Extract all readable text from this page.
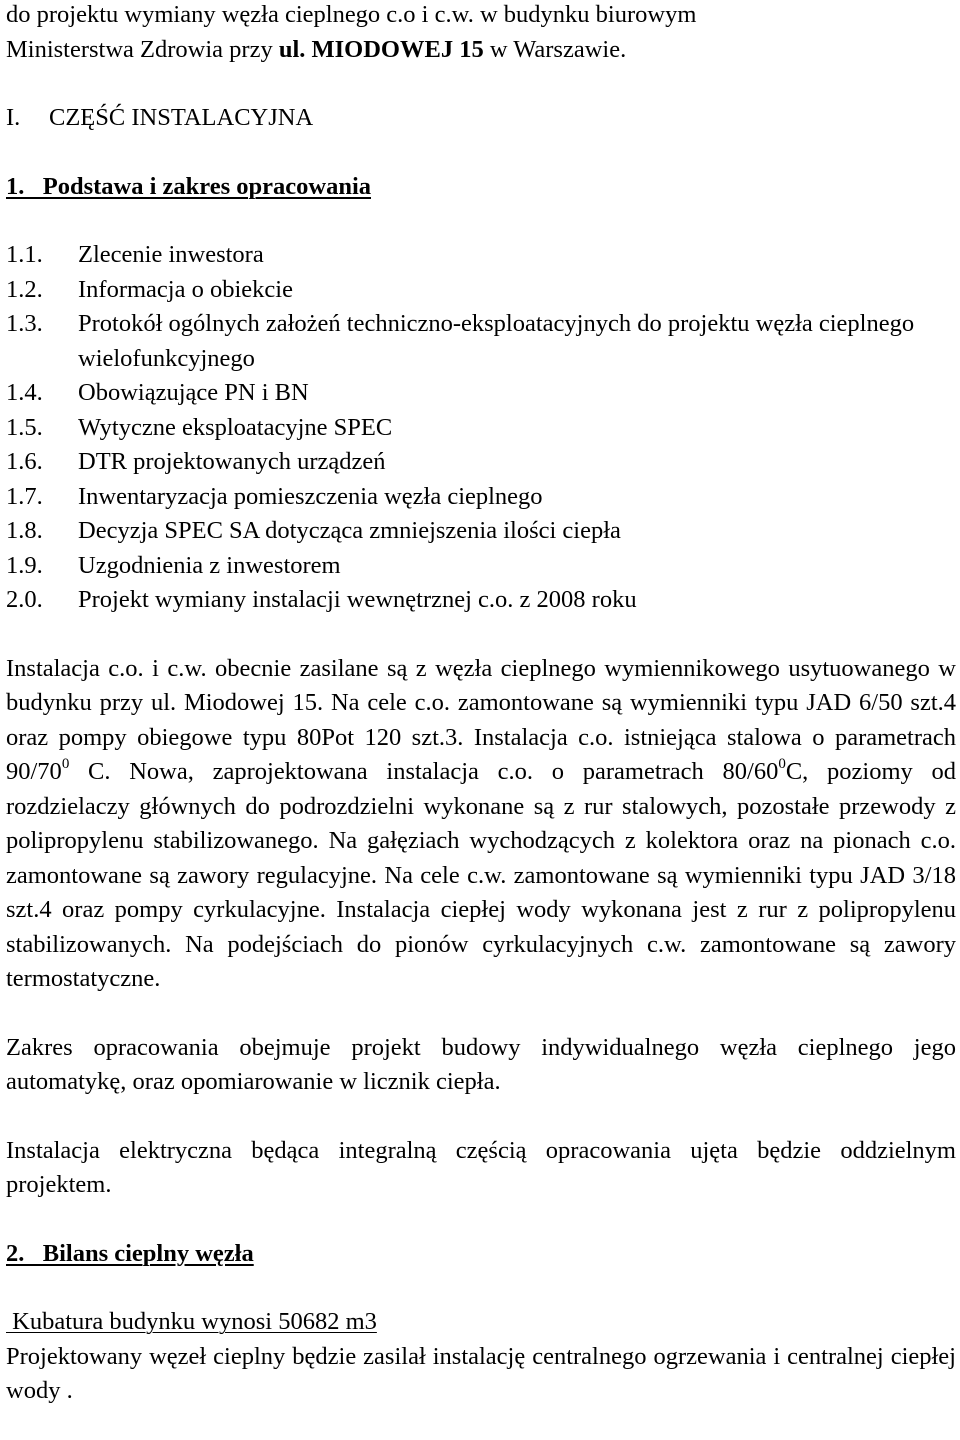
do projektu wymiany węzła cieplnego c.o i c.w. w budynku biurowym
Ministerstwa Zdrowia przy ul. MIODOWEJ 15 w Warszawie.
I.	CZĘŚĆ INSTALACYJNA
1.   Podstawa i zakres opracowania
1.1.	Zlecenie inwestora
1.2.	Informacja o obiekcie
1.3.	Protokół ogólnych założeń techniczno-eksploatacyjnych do projektu węzła cieplnego wielofunkcyjnego
1.4.	Obowiązujące PN i BN
1.5.	Wytyczne eksploatacyjne SPEC
1.6.	DTR projektowanych urządzeń
1.7.	Inwentaryzacja pomieszczenia węzła cieplnego
1.8.	Decyzja SPEC SA dotycząca zmniejszenia ilości ciepła
1.9.	Uzgodnienia z inwestorem
2.0.	Projekt wymiany instalacji wewnętrznej c.o. z 2008 roku
Instalacja c.o. i c.w. obecnie zasilane są z węzła cieplnego wymiennikowego usytuowanego w budynku przy ul. Miodowej 15. Na cele c.o. zamontowane są wymienniki typu JAD 6/50 szt.4 oraz pompy obiegowe typu 80Pot 120 szt.3. Instalacja c.o. istniejąca stalowa o parametrach $90/70^0$ C. Nowa, zaprojektowana instalacja c.o. o parametrach $80/60^0C$, poziomy od rozdzielaczy głównych do podrozdzielni wykonane są z rur stalowych, pozostałe przewody z polipropylenu stabilizowanego. Na gałęziach wychodzących z kolektora oraz na pionach c.o. zamontowane są zawory regulacyjne. Na cele c.w. zamontowane są wymienniki typu JAD 3/18 szt.4 oraz pompy cyrkulacyjne. Instalacja ciepłej wody wykonana jest z rur z polipropylenu stabilizowanych. Na podejściach do pionów cyrkulacyjnych c.w. zamontowane są zawory termostatyczne.
Zakres opracowania obejmuje projekt budowy indywidualnego węzła cieplnego jego automatykę, oraz opomiarowanie w licznik ciepła.
Instalacja elektryczna będąca integralną częścią opracowania ujęta będzie oddzielnym projektem.
2.   Bilans cieplny węzła
Kubatura budynku wynosi 50682 m3
Projektowany węzeł cieplny będzie zasilał instalację centralnego ogrzewania i centralnej ciepłej wody .
